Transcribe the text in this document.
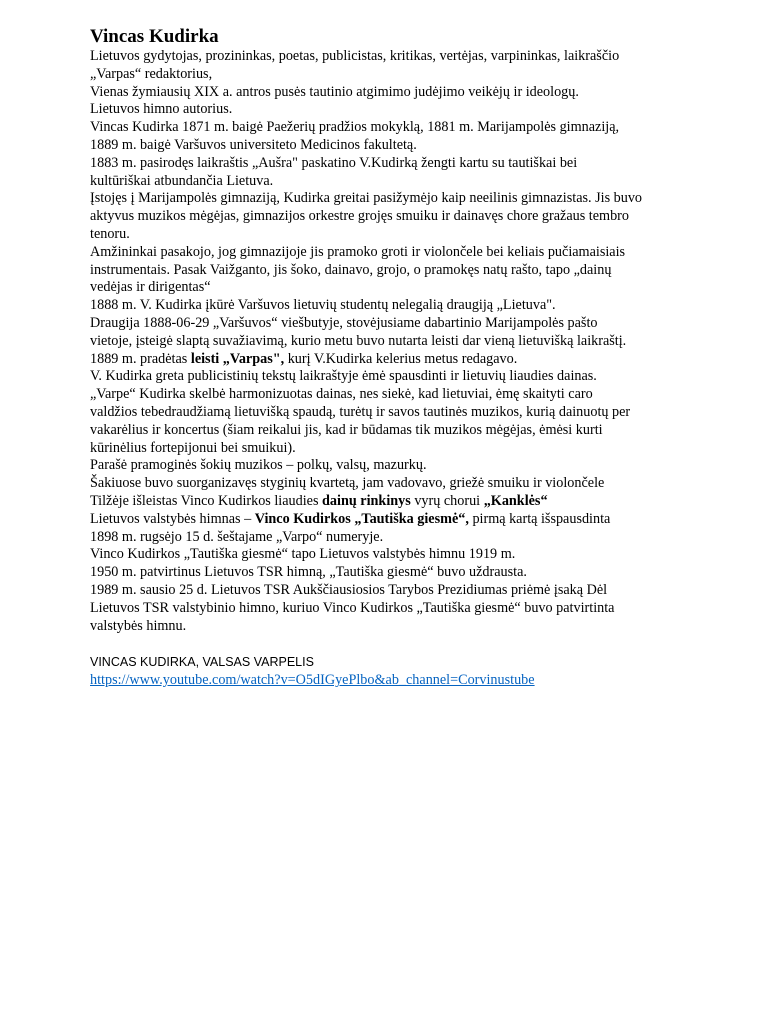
Vincas Kudirka
Lietuvos gydytojas, prozininkas, poetas, publicistas, kritikas, vertėjas, varpininkas, laikraščio
„Varpas“ redaktorius,
Vienas žymiausių XIX a. antros pusės tautinio atgimimo judėjimo veikėjų ir ideologų.
Lietuvos himno autorius.
Vincas Kudirka 1871 m. baigė Paežerių pradžios mokyklą, 1881 m. Marijampolės gimnaziją,
1889 m. baigė Varšuvos universiteto Medicinos fakultetą.
1883 m. pasirodęs laikraštis „Aušra" paskatino V.Kudirką žengti kartu su tautiškai bei
kultūriškai atbundančia Lietuva.
Įstojęs į Marijampolės gimnaziją, Kudirka greitai pasižymėjo kaip neeilinis gimnazistas. Jis buvo
aktyvus muzikos mėgėjas, gimnazijos orkestre grojęs smuiku ir dainavęs chore gražaus tembro
tenoru.
Amžininkai pasakojo, jog gimnazijoje jis pramoko groti ir violončele bei keliais pučiamaisiais
instrumentais. Pasak Vaižganto, jis šoko, dainavo, grojo, o pramokęs natų rašto, tapo „dainų
vedėjas ir dirigentas“
1888 m. V. Kudirka įkūrė Varšuvos lietuvių studentų nelegalią draugiją „Lietuva".
Draugija 1888-06-29 „Varšuvos“ viešbutyje, stovėjusiame dabartinio Marijampolės pašto
vietoje, įsteigė slaptą suvažiavimą, kurio metu buvo nutarta leisti dar vieną lietuvišką laikraštį.
1889 m. pradėtas leisti „Varpas", kurį V.Kudirka kelerius metus redagavo.
V. Kudirka greta publicistinių tekstų laikraštyje ėmė spausdinti ir lietuvių liaudies dainas.
„Varpe“ Kudirka skelbė harmonizuotas dainas, nes siekė, kad lietuviai, ėmę skaityti caro
valdžios tebedraudžiamą lietuvišką spaudą, turėtų ir savos tautinės muzikos, kurią dainuotų per
vakarėlius ir koncertus (šiam reikalui jis, kad ir būdamas tik muzikos mėgėjas, ėmėsi kurti
kūrinėlius fortepijonui bei smuikui).
Parašė pramoginės šokių muzikos – polkų, valsų, mazurkų.
Šakiuose buvo suorganizavęs styginių kvartetą, jam vadovavo, griežė smuiku ir violončele
Tilžėje išleistas Vinco Kudirkos liaudies dainų rinkinys vyrų chorui „Kanklės“
Lietuvos valstybės himnas – Vinco Kudirkos „Tautiška giesmė“, pirmą kartą išspausdinta
1898 m. rugsėjo 15 d. šeštajame „Varpo“ numeryje.
Vinco Kudirkos „Tautiška giesmė“ tapo Lietuvos valstybės himnu 1919 m.
1950 m. patvirtinus Lietuvos TSR himną, „Tautiška giesmė“ buvo uždrausta.
1989 m. sausio 25 d. Lietuvos TSR Aukščiausiosios Tarybos Prezidiumas priėmė įsaką Dėl
Lietuvos TSR valstybinio himno, kuriuo Vinco Kudirkos „Tautiška giesmė“ buvo patvirtinta
valstybės himnu.
VINCAS KUDIRKA, VALSAS VARPELIS
https://www.youtube.com/watch?v=O5dIGyePlbo&ab_channel=Corvinustube
